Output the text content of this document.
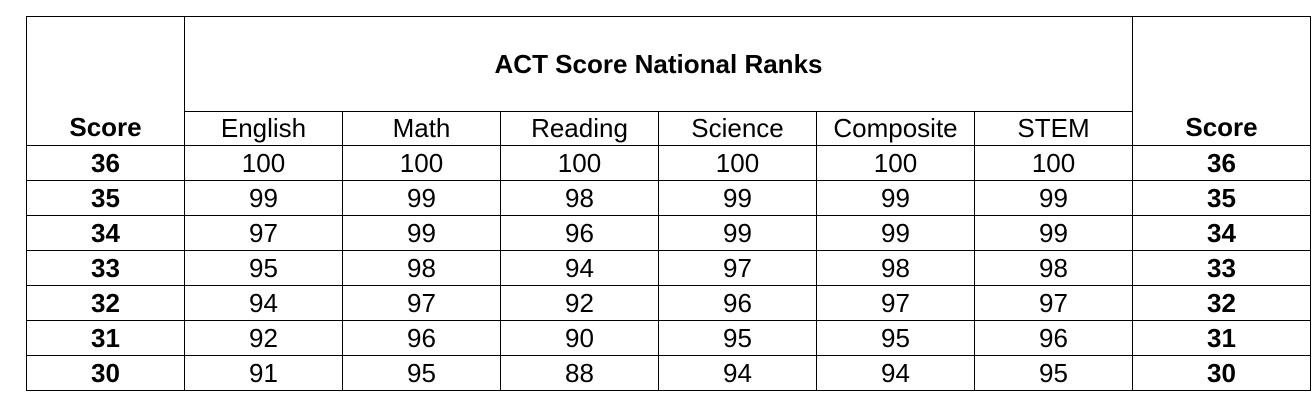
Score	ACT Score National Ranks						Score
	English	Math	Reading	Science	Composite	STEM	
36	100	100	100	100	100	100	36
35	99	99	98	99	99	99	35
34	97	99	96	99	99	99	34
33	95	98	94	97	98	98	33
32	94	97	92	96	97	97	32
31	92	96	90	95	95	96	31
30	91	95	88	94	94	95	30
